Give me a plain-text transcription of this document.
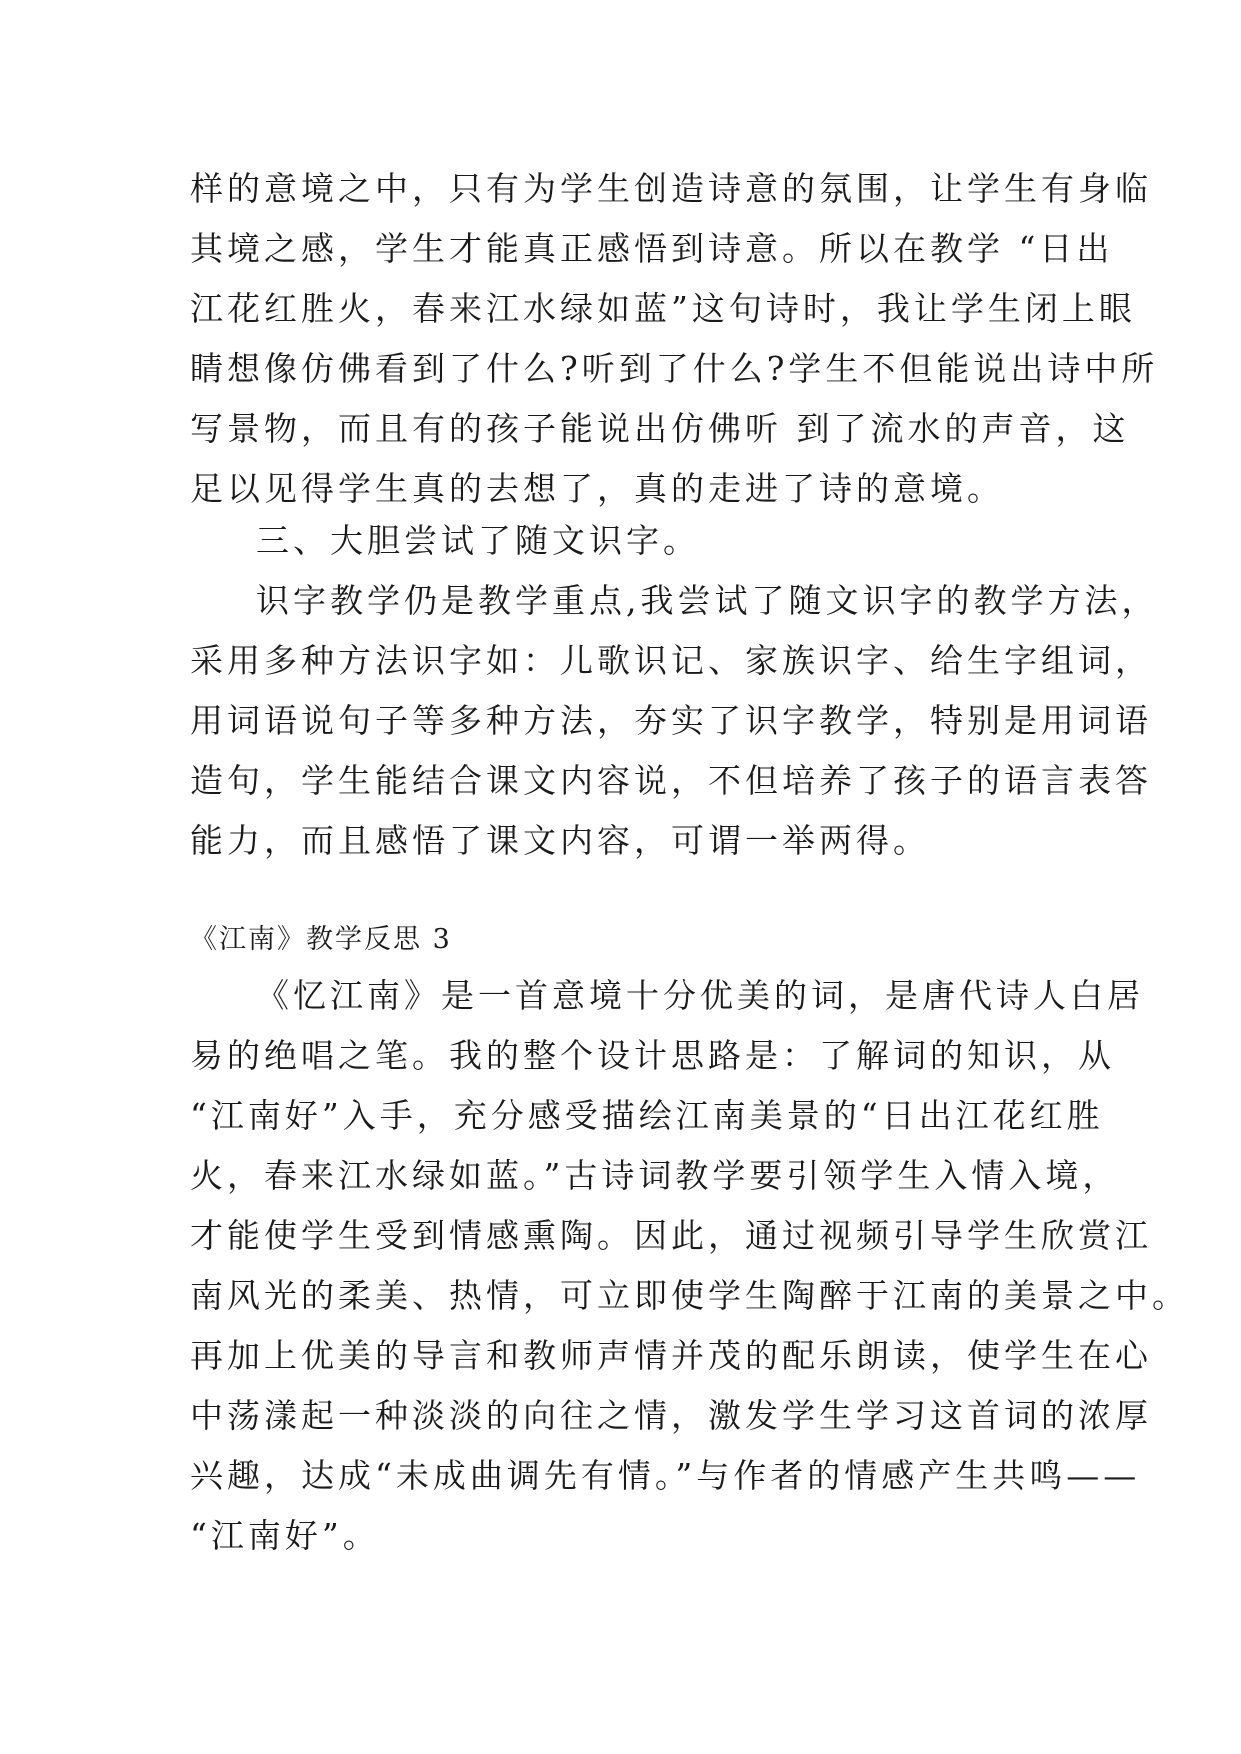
样的意境之中，只有为学生创造诗意的氛围，让学生有身临
其境之感，学生才能真正感悟到诗意。所以在教学 “日出
江花红胜火，春来江水绿如蓝”这句诗时，我让学生闭上眼
睛想像仿佛看到了什么?听到了什么?学生不但能说出诗中所
写景物，而且有的孩子能说出仿佛听 到了流水的声音，这
足以见得学生真的去想了，真的走进了诗的意境。
三、大胆尝试了随文识字。
识字教学仍是教学重点,我尝试了随文识字的教学方法，
采用多种方法识字如：儿歌识记、家族识字、给生字组词，
用词语说句子等多种方法，夯实了识字教学，特别是用词语
造句，学生能结合课文内容说，不但培养了孩子的语言表答
能力，而且感悟了课文内容，可谓一举两得。
《江南》教学反思 3
《忆江南》是一首意境十分优美的词，是唐代诗人白居
易的绝唱之笔。我的整个设计思路是：了解词的知识，从
“江南好”入手，充分感受描绘江南美景的“日出江花红胜
火，春来江水绿如蓝。”古诗词教学要引领学生入情入境，
才能使学生受到情感熏陶。因此，通过视频引导学生欣赏江
南风光的柔美、热情，可立即使学生陶醉于江南的美景之中。
再加上优美的导言和教师声情并茂的配乐朗读，使学生在心
中荡漾起一种淡淡的向往之情，激发学生学习这首词的浓厚
兴趣，达成“未成曲调先有情。”与作者的情感产生共鸣——
“江南好”。
